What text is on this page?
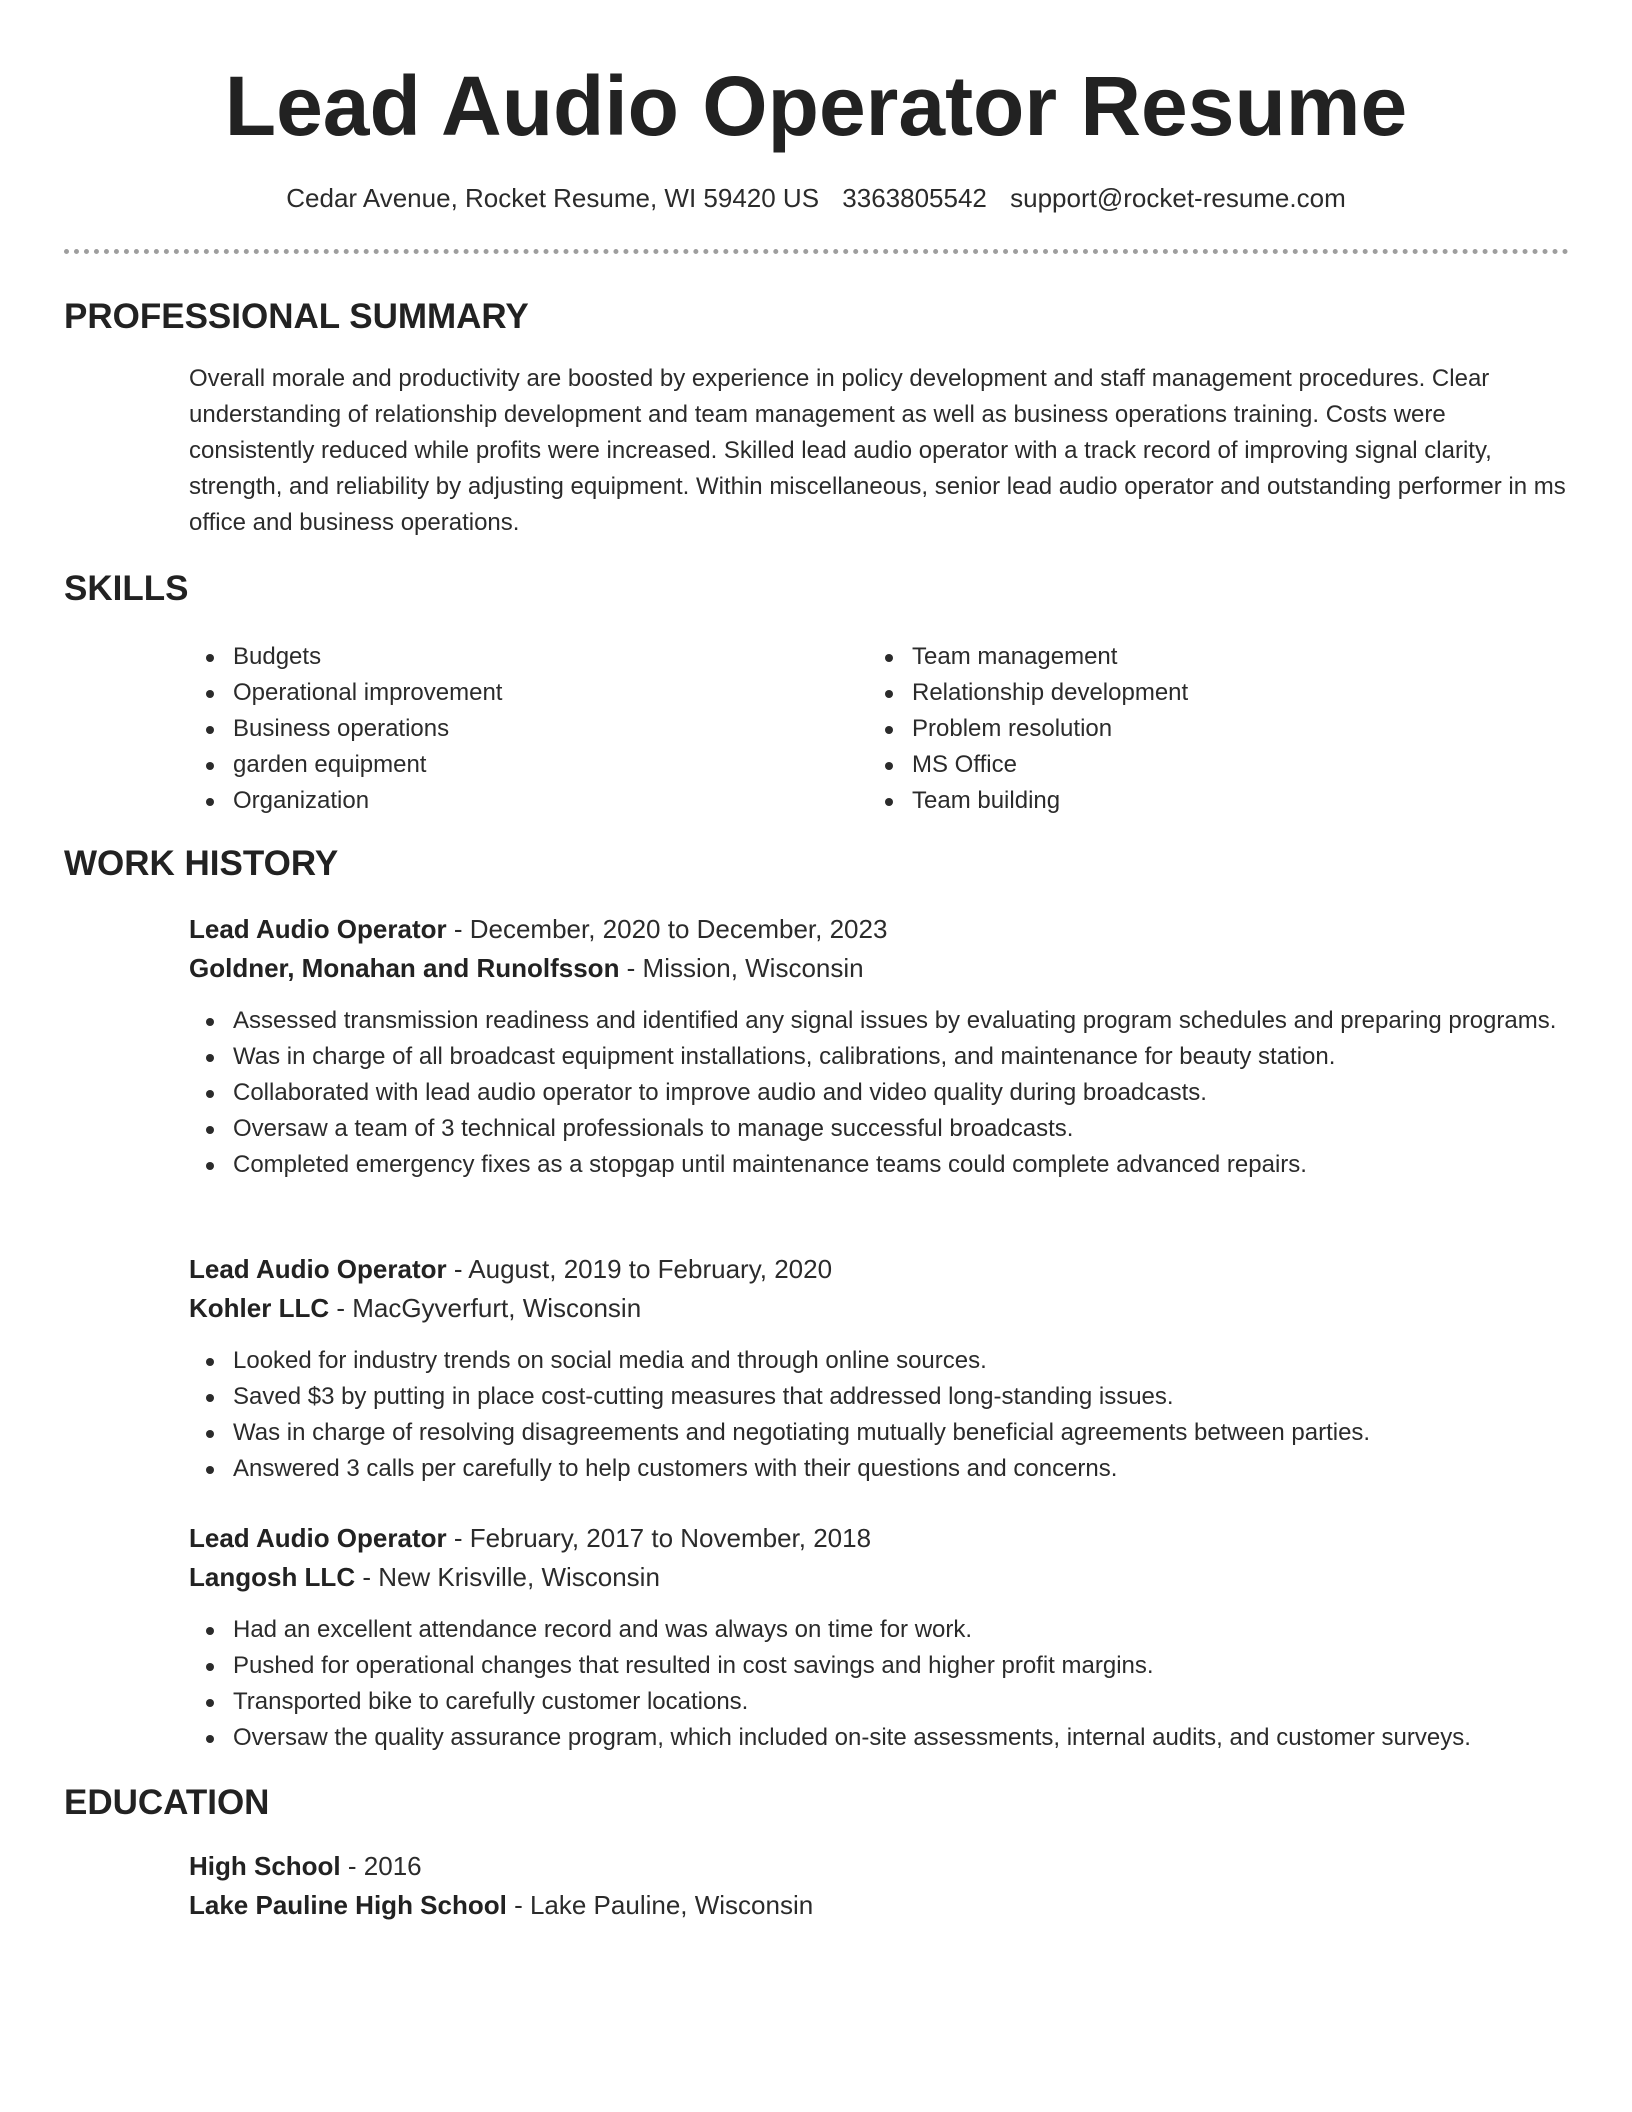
Lead Audio Operator Resume
Cedar Avenue, Rocket Resume, WI 59420 US 3363805542 support@rocket-resume.com
PROFESSIONAL SUMMARY

Overall morale and productivity are boosted by experience in policy development and staff management procedures. Clear understanding of relationship development and team management as well as business operations training. Costs were consistently reduced while profits were increased. Skilled lead audio operator with a track record of improving signal clarity, strength, and reliability by adjusting equipment. Within miscellaneous, senior lead audio operator and outstanding performer in ms office and business operations.

SKILLS
Budgets
Operational improvement
Business operations
garden equipment
Organization
Team management
Relationship development
Problem resolution
MS Office
Team building
WORK HISTORY

Lead Audio Operator - December, 2020 to December, 2023

Goldner, Monahan and Runolfsson - Mission, Wisconsin

Assessed transmission readiness and identified any signal issues by evaluating program schedules and preparing programs.
Was in charge of all broadcast equipment installations, calibrations, and maintenance for beauty station.
Collaborated with lead audio operator to improve audio and video quality during broadcasts.
Oversaw a team of 3 technical professionals to manage successful broadcasts.
Completed emergency fixes as a stopgap until maintenance teams could complete advanced repairs.

Lead Audio Operator - August, 2019 to February, 2020

Kohler LLC - MacGyverfurt, Wisconsin

Looked for industry trends on social media and through online sources.
Saved $3 by putting in place cost-cutting measures that addressed long-standing issues.
Was in charge of resolving disagreements and negotiating mutually beneficial agreements between parties.
Answered 3 calls per carefully to help customers with their questions and concerns.

Lead Audio Operator - February, 2017 to November, 2018

Langosh LLC - New Krisville, Wisconsin

Had an excellent attendance record and was always on time for work.
Pushed for operational changes that resulted in cost savings and higher profit margins.
Transported bike to carefully customer locations.
Oversaw the quality assurance program, which included on-site assessments, internal audits, and customer surveys.
EDUCATION

High School - 2016

Lake Pauline High School - Lake Pauline, Wisconsin
